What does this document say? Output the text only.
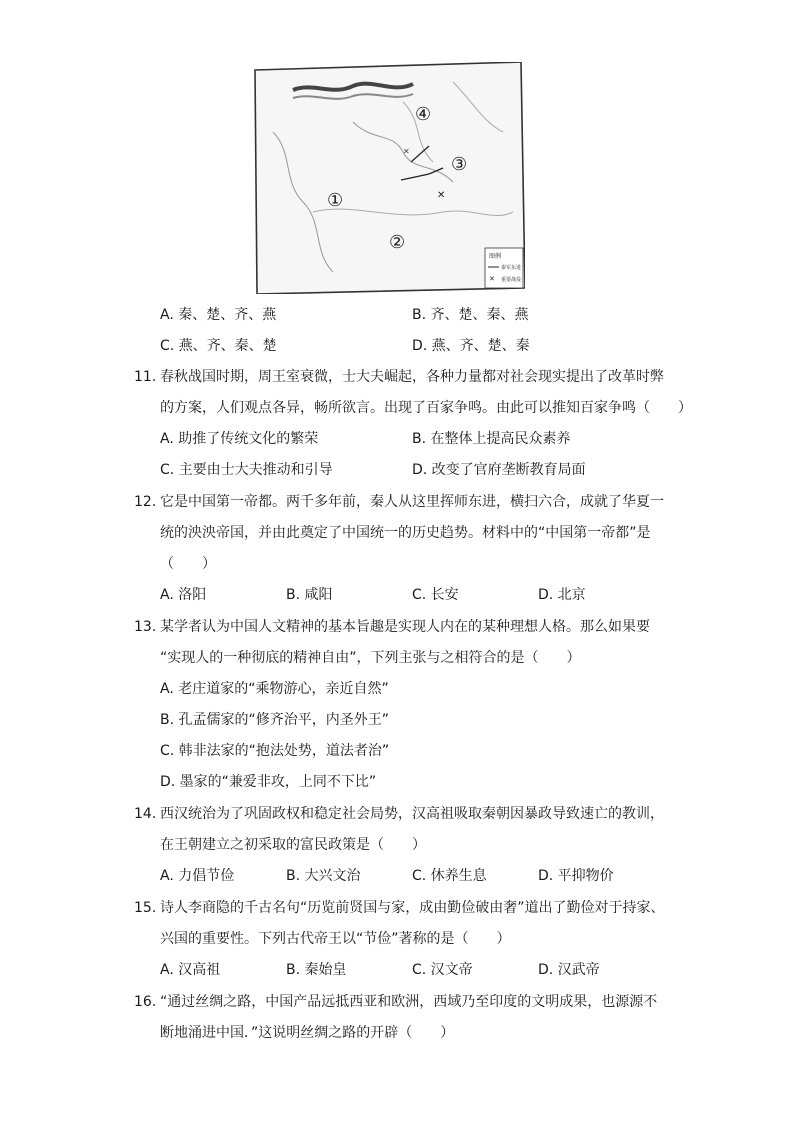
✕
✕
④
③
①
②
图例
秦军东进
✕ 重要战役
A. 秦、楚、齐、燕	B. 齐、楚、秦、燕
C. 燕、齐、秦、楚	D. 燕、齐、楚、秦
11. 春秋战国时期，周王室衰微，士大夫崛起，各种力量都对社会现实提出了改革时弊
的方案，人们观点各异，畅所欲言。出现了百家争鸣。由此可以推知百家争鸣（　　）
A. 助推了传统文化的繁荣	B. 在整体上提高民众素养
C. 主要由士大夫推动和引导	D. 改变了官府垄断教育局面
12. 它是中国第一帝都。两千多年前，秦人从这里挥师东进，横扫六合，成就了华夏一
统的泱泱帝国，并由此奠定了中国统一的历史趋势。材料中的“中国第一帝都”是
（　　）
A. 洛阳	B. 咸阳	C. 长安	D. 北京
13. 某学者认为中国人文精神的基本旨趣是实现人内在的某种理想人格。那么如果要
“实现人的一种彻底的精神自由”，下列主张与之相符合的是（　　）
A. 老庄道家的“乘物游心，亲近自然”
B. 孔孟儒家的“修齐治平，内圣外王”
C. 韩非法家的“抱法处势，道法者治”
D. 墨家的“兼爱非攻，上同不下比”
14. 西汉统治为了巩固政权和稳定社会局势，汉高祖吸取秦朝因暴政导致速亡的教训，
在王朝建立之初采取的富民政策是（　　）
A. 力倡节俭	B. 大兴文治	C. 休养生息	D. 平抑物价
15. 诗人李商隐的千古名句“历览前贤国与家，成由勤俭破由奢”道出了勤俭对于持家、
兴国的重要性。下列古代帝王以“节俭”著称的是（　　）
A. 汉高祖	B. 秦始皇	C. 汉文帝	D. 汉武帝
16. “通过丝绸之路，中国产品远抵西亚和欧洲，西域乃至印度的文明成果，也源源不
断地涌进中国．”这说明丝绸之路的开辟（　　）
